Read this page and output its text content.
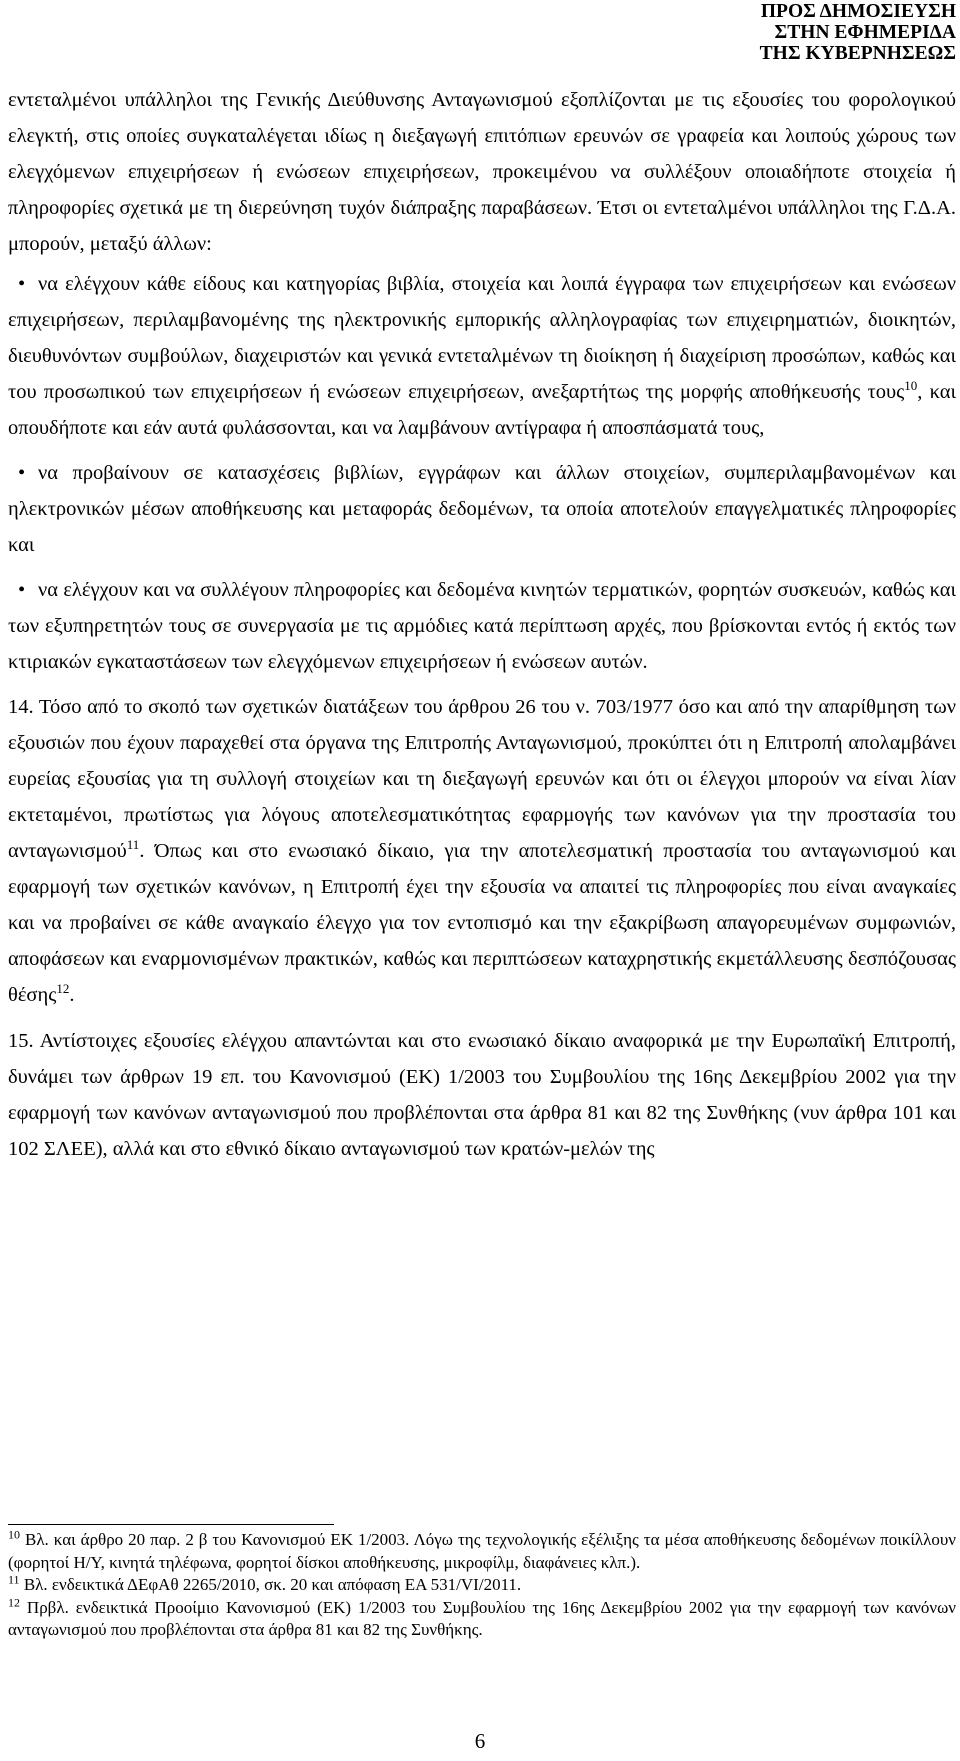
ΠΡΟΣ ΔΗΜΟΣΙΕΥΣΗ
ΣΤΗΝ ΕΦΗΜΕΡΙΔΑ
ΤΗΣ ΚΥΒΕΡΝΗΣΕΩΣ

εντεταλμένοι υπάλληλοι της Γενικής Διεύθυνσης Ανταγωνισμού εξοπλίζονται με τις εξουσίες του φορολογικού ελεγκτή, στις οποίες συγκαταλέγεται ιδίως η διεξαγωγή επιτόπιων ερευνών σε γραφεία και λοιπούς χώρους των ελεγχόμενων επιχειρήσεων ή ενώσεων επιχειρήσεων, προκειμένου να συλλέξουν οποιαδήποτε στοιχεία ή πληροφορίες σχετικά με τη διερεύνηση τυχόν διάπραξης παραβάσεων. Έτσι οι εντεταλμένοι υπάλληλοι της Γ.Δ.Α. μπορούν, μεταξύ άλλων:

• να ελέγχουν κάθε είδους και κατηγορίας βιβλία, στοιχεία και λοιπά έγγραφα των επιχειρήσεων και ενώσεων επιχειρήσεων, περιλαμβανομένης της ηλεκτρονικής εμπορικής αλληλογραφίας των επιχειρηματιών, διοικητών, διευθυνόντων συμβούλων, διαχειριστών και γενικά εντεταλμένων τη διοίκηση ή διαχείριση προσώπων, καθώς και του προσωπικού των επιχειρήσεων ή ενώσεων επιχειρήσεων, ανεξαρτήτως της μορφής αποθήκευσής τους$^{10}$, και οπουδήποτε και εάν αυτά φυλάσσονται, και να λαμβάνουν αντίγραφα ή αποσπάσματά τους,

• να προβαίνουν σε κατασχέσεις βιβλίων, εγγράφων και άλλων στοιχείων, συμπεριλαμβανομένων και ηλεκτρονικών μέσων αποθήκευσης και μεταφοράς δεδομένων, τα οποία αποτελούν επαγγελματικές πληροφορίες και

• να ελέγχουν και να συλλέγουν πληροφορίες και δεδομένα κινητών τερματικών, φορητών συσκευών, καθώς και των εξυπηρετητών τους σε συνεργασία με τις αρμόδιες κατά περίπτωση αρχές, που βρίσκονται εντός ή εκτός των κτιριακών εγκαταστάσεων των ελεγχόμενων επιχειρήσεων ή ενώσεων αυτών.

14. Τόσο από το σκοπό των σχετικών διατάξεων του άρθρου 26 του ν. 703/1977 όσο και από την απαρίθμηση των εξουσιών που έχουν παραχεθεί στα όργανα της Επιτροπής Ανταγωνισμού, προκύπτει ότι η Επιτροπή απολαμβάνει ευρείας εξουσίας για τη συλλογή στοιχείων και τη διεξαγωγή ερευνών και ότι οι έλεγχοι μπορούν να είναι λίαν εκτεταμένοι, πρωτίστως για λόγους αποτελεσματικότητας εφαρμογής των κανόνων για την προστασία του ανταγωνισμού$^{11}$. Όπως και στο ενωσιακό δίκαιο, για την αποτελεσματική προστασία του ανταγωνισμού και εφαρμογή των σχετικών κανόνων, η Επιτροπή έχει την εξουσία να απαιτεί τις πληροφορίες που είναι αναγκαίες και να προβαίνει σε κάθε αναγκαίο έλεγχο για τον εντοπισμό και την εξακρίβωση απαγορευμένων συμφωνιών, αποφάσεων και εναρμονισμένων πρακτικών, καθώς και περιπτώσεων καταχρηστικής εκμετάλλευσης δεσπόζουσας θέσης$^{12}$.

15. Αντίστοιχες εξουσίες ελέγχου απαντώνται και στο ενωσιακό δίκαιο αναφορικά με την Ευρωπαϊκή Επιτροπή, δυνάμει των άρθρων 19 επ. του Κανονισμού (ΕΚ) 1/2003 του Συμβουλίου της 16ης Δεκεμβρίου 2002 για την εφαρμογή των κανόνων ανταγωνισμού που προβλέπονται στα άρθρα 81 και 82 της Συνθήκης (νυν άρθρα 101 και 102 ΣΛΕΕ), αλλά και στο εθνικό δίκαιο ανταγωνισμού των κρατών-μελών της

$^{10}$ Βλ. και άρθρο 20 παρ. 2 β του Κανονισμού ΕΚ 1/2003. Λόγω της τεχνολογικής εξέλιξης τα μέσα αποθήκευσης δεδομένων ποικίλλουν (φορητοί Η/Υ, κινητά τηλέφωνα, φορητοί δίσκοι αποθήκευσης, μικροφίλμ, διαφάνειες κλπ.).

$^{11}$ Βλ. ενδεικτικά ΔΕφΑθ 2265/2010, σκ. 20 και απόφαση ΕΑ 531/VI/2011.

$^{12}$ Πρβλ. ενδεικτικά Προοίμιο Κανονισμού (ΕΚ) 1/2003 του Συμβουλίου της 16ης Δεκεμβρίου 2002 για την εφαρμογή των κανόνων ανταγωνισμού που προβλέπονται στα άρθρα 81 και 82 της Συνθήκης.

6
